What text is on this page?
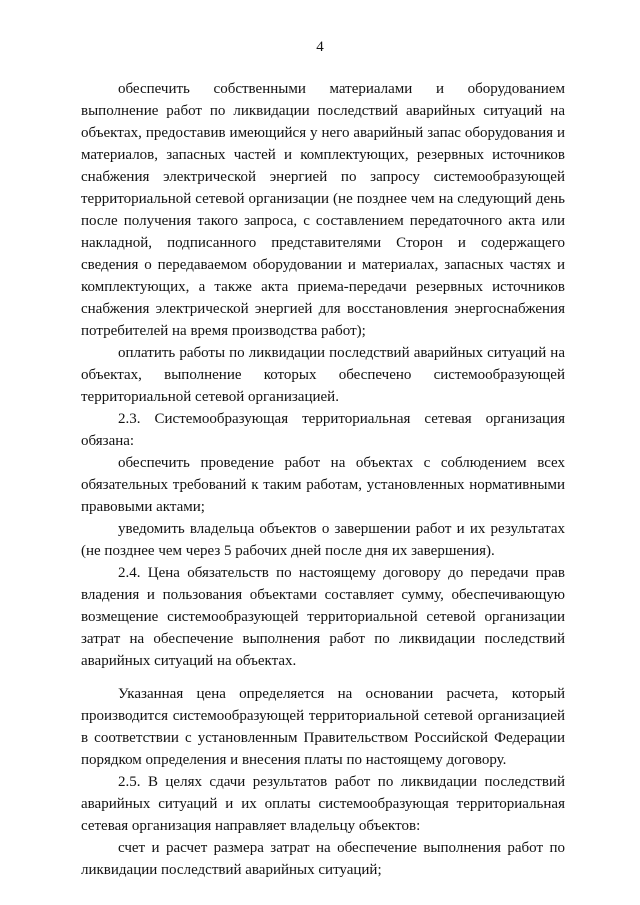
4

обеспечить собственными материалами и оборудованием выполнение работ по ликвидации последствий аварийных ситуаций на объектах, предоставив имеющийся у него аварийный запас оборудования и материалов, запасных частей и комплектующих, резервных источников снабжения электрической энергией по запросу системообразующей территориальной сетевой организации (не позднее чем на следующий день после получения такого запроса, с составлением передаточного акта или накладной, подписанного представителями Сторон и содержащего сведения о передаваемом оборудовании и материалах, запасных частях и комплектующих, а также акта приема-передачи резервных источников снабжения электрической энергией для восстановления энергоснабжения потребителей на время производства работ);

оплатить работы по ликвидации последствий аварийных ситуаций на объектах, выполнение которых обеспечено системообразующей территориальной сетевой организацией.

2.3. Системообразующая территориальная сетевая организация обязана:

обеспечить проведение работ на объектах с соблюдением всех обязательных требований к таким работам, установленных нормативными правовыми актами;

уведомить владельца объектов о завершении работ и их результатах (не позднее чем через 5 рабочих дней после дня их завершения).

2.4. Цена обязательств по настоящему договору до передачи прав владения и пользования объектами составляет сумму, обеспечивающую возмещение системообразующей территориальной сетевой организации затрат на обеспечение выполнения работ по ликвидации последствий аварийных ситуаций на объектах.

Указанная цена определяется на основании расчета, который производится системообразующей территориальной сетевой организацией в соответствии с установленным Правительством Российской Федерации порядком определения и внесения платы по настоящему договору.

2.5. В целях сдачи результатов работ по ликвидации последствий аварийных ситуаций и их оплаты системообразующая территориальная сетевая организация направляет владельцу объектов:

счет и расчет размера затрат на обеспечение выполнения работ по ликвидации последствий аварийных ситуаций;
